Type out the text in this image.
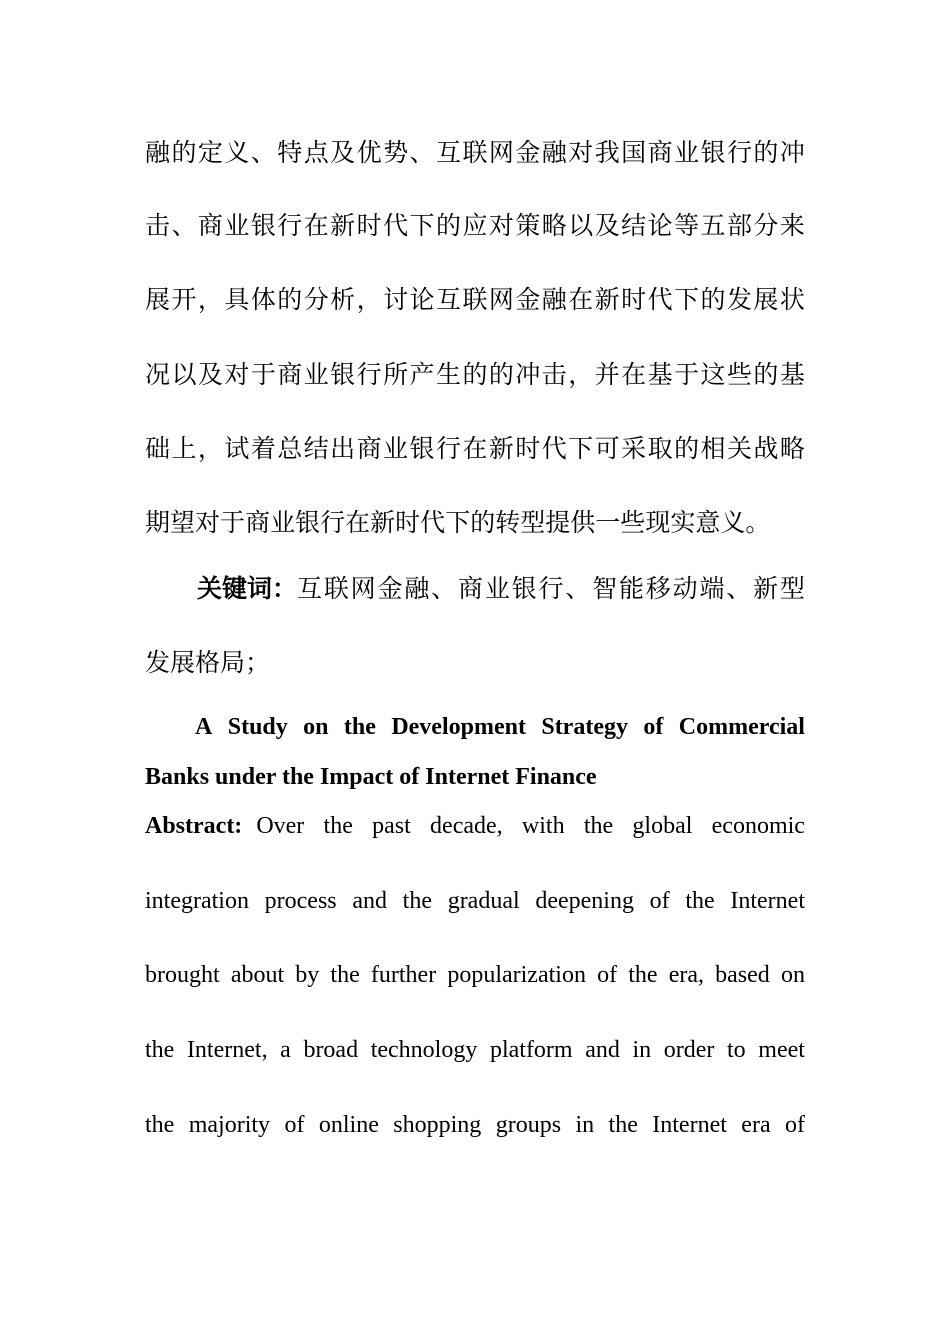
融 的 定 义 、 特 点 及 优 势 、 互 联 网 金 融 对 我 国 商 业 银 行 的 冲
击 、 商 业 银 行 在 新 时 代 下 的 应 对 策 略 以 及 结 论 等 五 部 分 来
展 开 ， 具 体 的 分 析 ， 讨 论 互 联 网 金 融 在 新 时 代 下 的 发 展 状
况 以 及 对 于 商 业 银 行 所 产 生 的 的 冲 击 ， 并 在 基 于 这 些 的 基
础 上 ， 试 着 总 结 出 商 业 银 行 在 新 时 代 下 可 采 取 的 相 关 战 略
期 望 对 于 商 业 银 行 在 新 时 代 下 的 转 型 提 供 一 些 现 实 意 义 。
关键词： 互 联 网 金 融 、 商 业 银 行 、 智 能 移 动 端 、 新 型
发展格局；
A Study on the Development Strategy of Commercial
Banks under the Impact of Internet Finance
Abstract: Over the past decade, with the global economic
integration process and the gradual deepening of the Internet
brought about by the further popularization of the era, based on
the Internet, a broad technology platform and in order to meet
the majority of online shopping groups in the Internet era of
